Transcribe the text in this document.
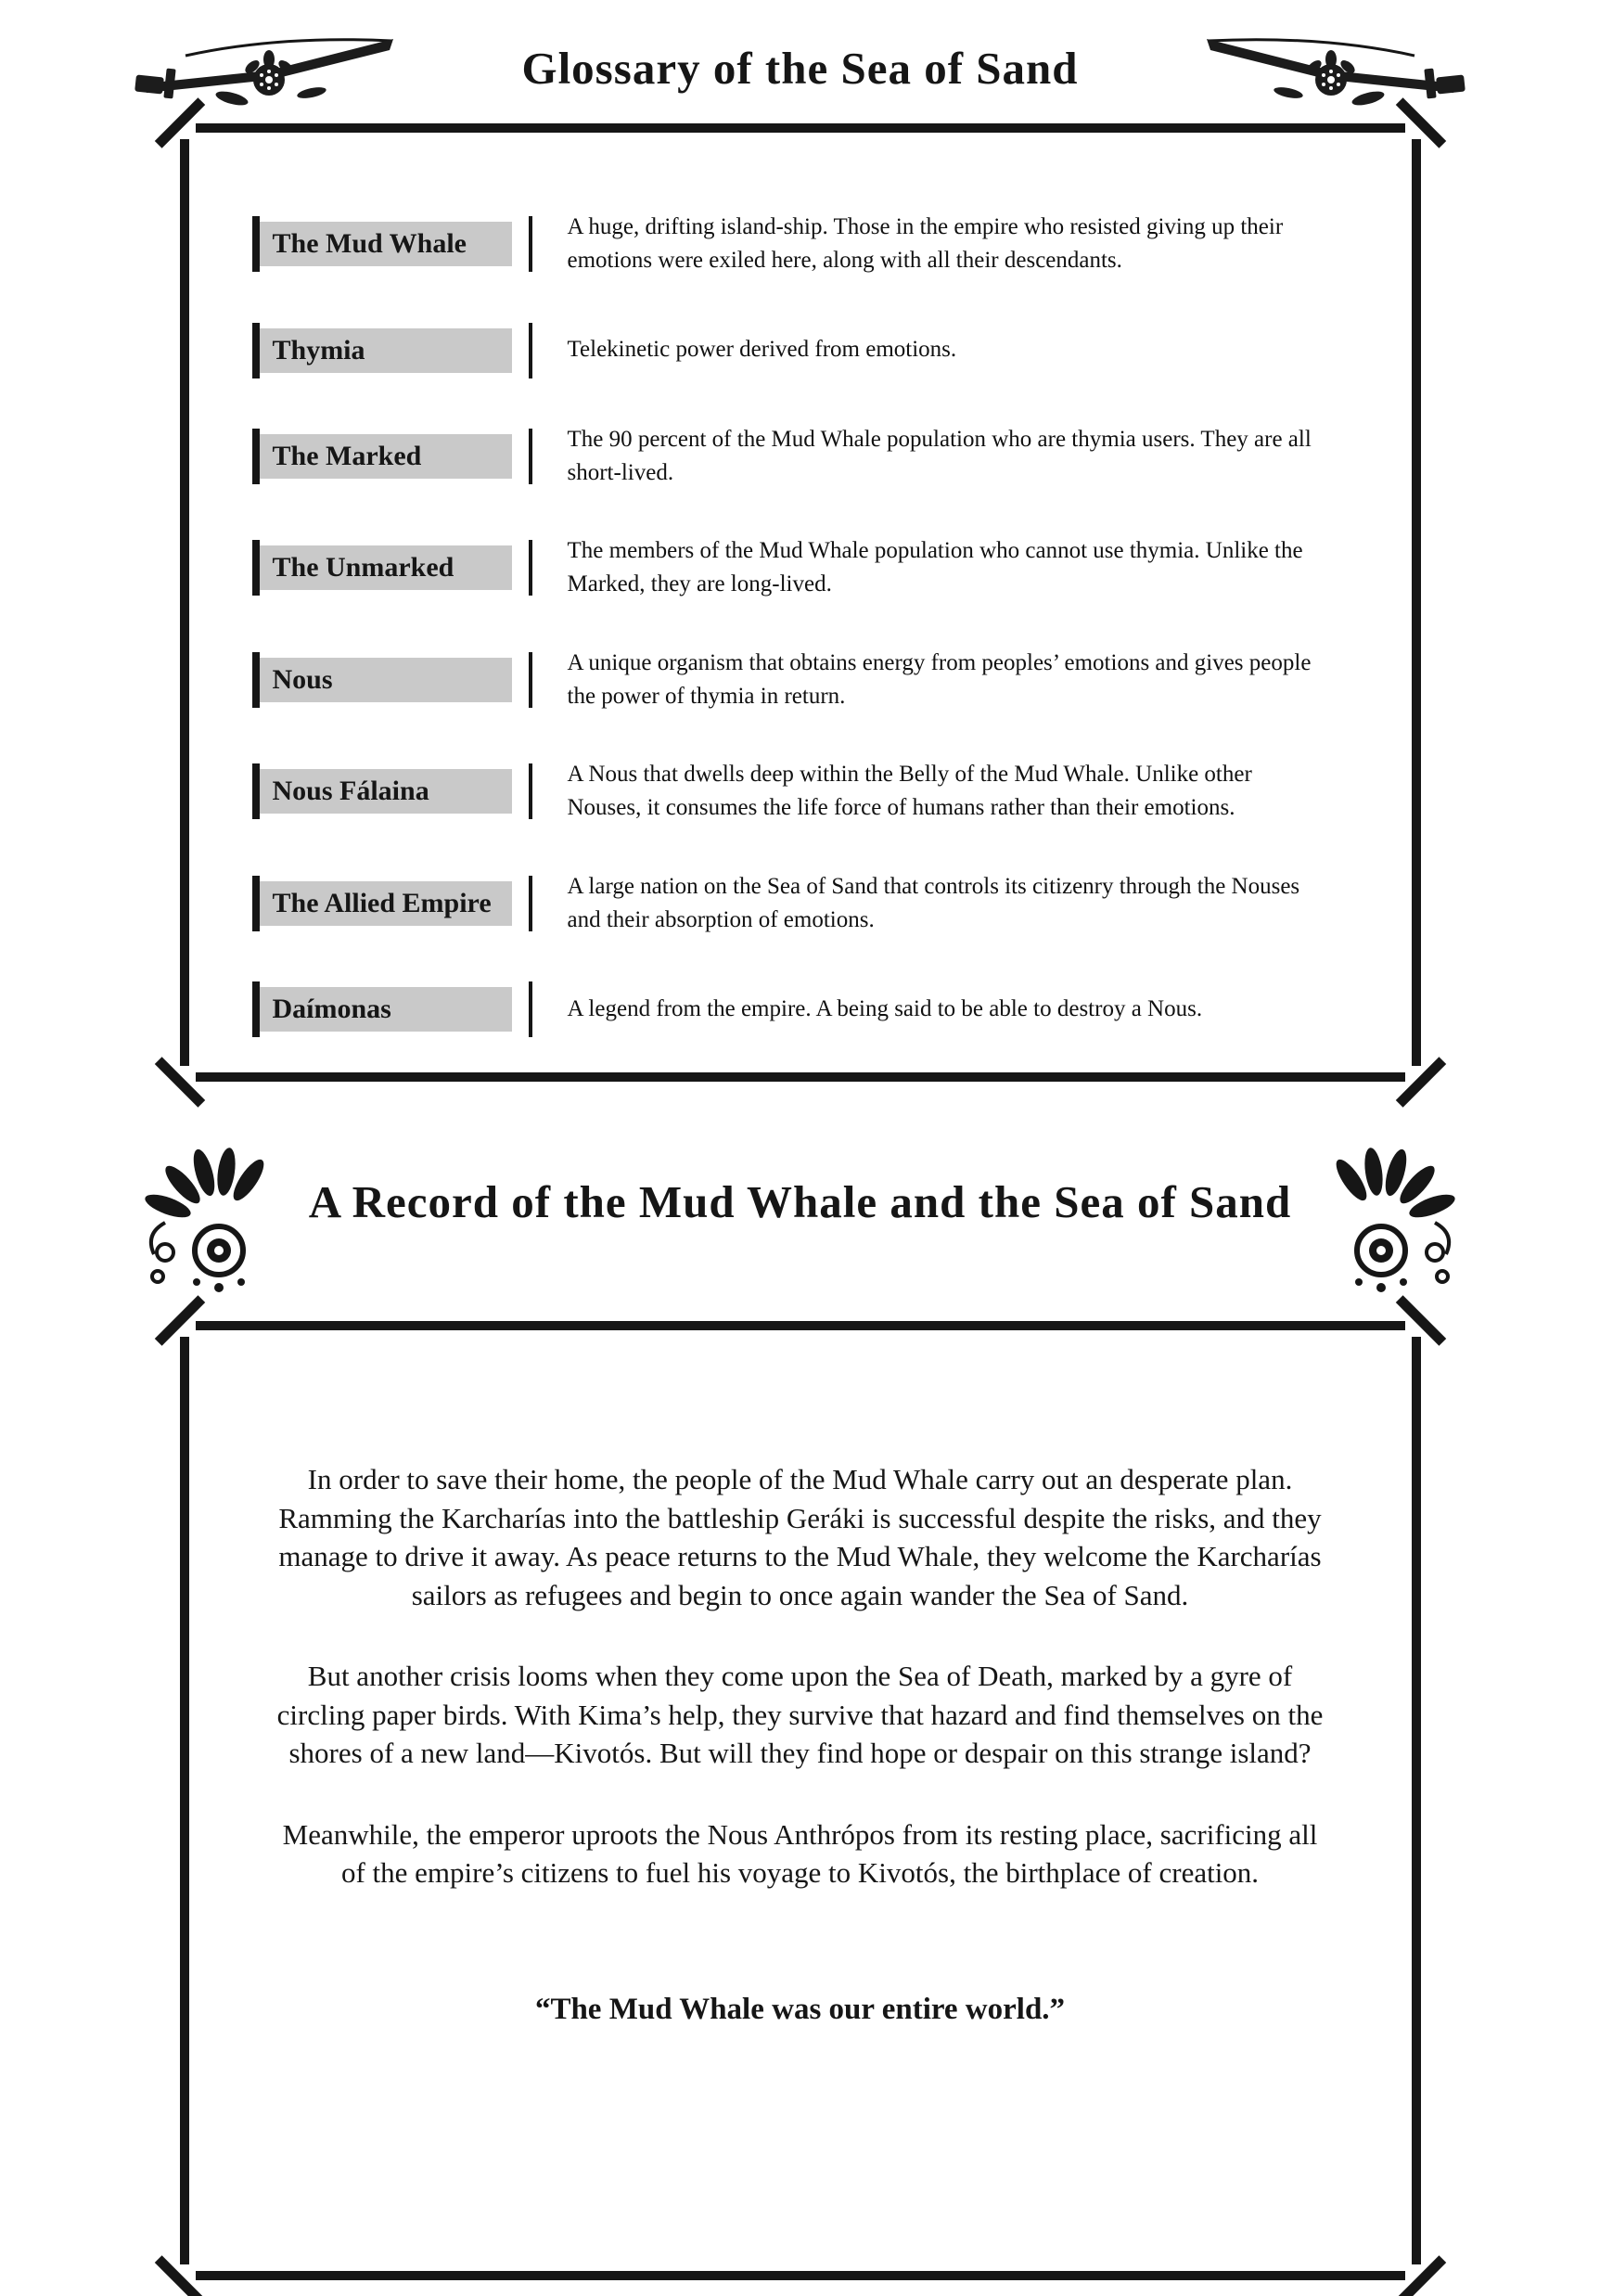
Glossary of the Sea of Sand
The Mud Whale
A huge, drifting island-ship. Those in the empire who resisted giving up their emotions were exiled here, along with all their descendants.
Thymia	Telekinetic power derived from emotions.
The Marked
The 90 percent of the Mud Whale population who are thymia users. They are all short-lived.
The Unmarked
The members of the Mud Whale population who cannot use thymia. Unlike the Marked, they are long-lived.
Nous
A unique organism that obtains energy from peoples’ emotions and gives people the power of thymia in return.
Nous Fálaina
A Nous that dwells deep within the Belly of the Mud Whale. Unlike other Nouses, it consumes the life force of humans rather than their emotions.
The Allied Empire
A large nation on the Sea of Sand that controls its citizenry through the Nouses and their absorption of emotions.
Daímonas	A legend from the empire. A being said to be able to destroy a Nous.
A Record of the Mud Whale and the Sea of Sand

In order to save their home, the people of the Mud Whale carry out an desperate plan. Ramming the Karcharías into the battleship Geráki is successful despite the risks, and they manage to drive it away. As peace returns to the Mud Whale, they welcome the Karcharías sailors as refugees and begin to once again wander the Sea of Sand.

But another crisis looms when they come upon the Sea of Death, marked by a gyre of circling paper birds. With Kima’s help, they survive that hazard and find themselves on the shores of a new land—Kivotós. But will they find hope or despair on this strange island?

Meanwhile, the emperor uproots the Nous Anthrópos from its resting place, sacrificing all of the empire’s citizens to fuel his voyage to Kivotós, the birthplace of creation.

“The Mud Whale was our entire world.”
